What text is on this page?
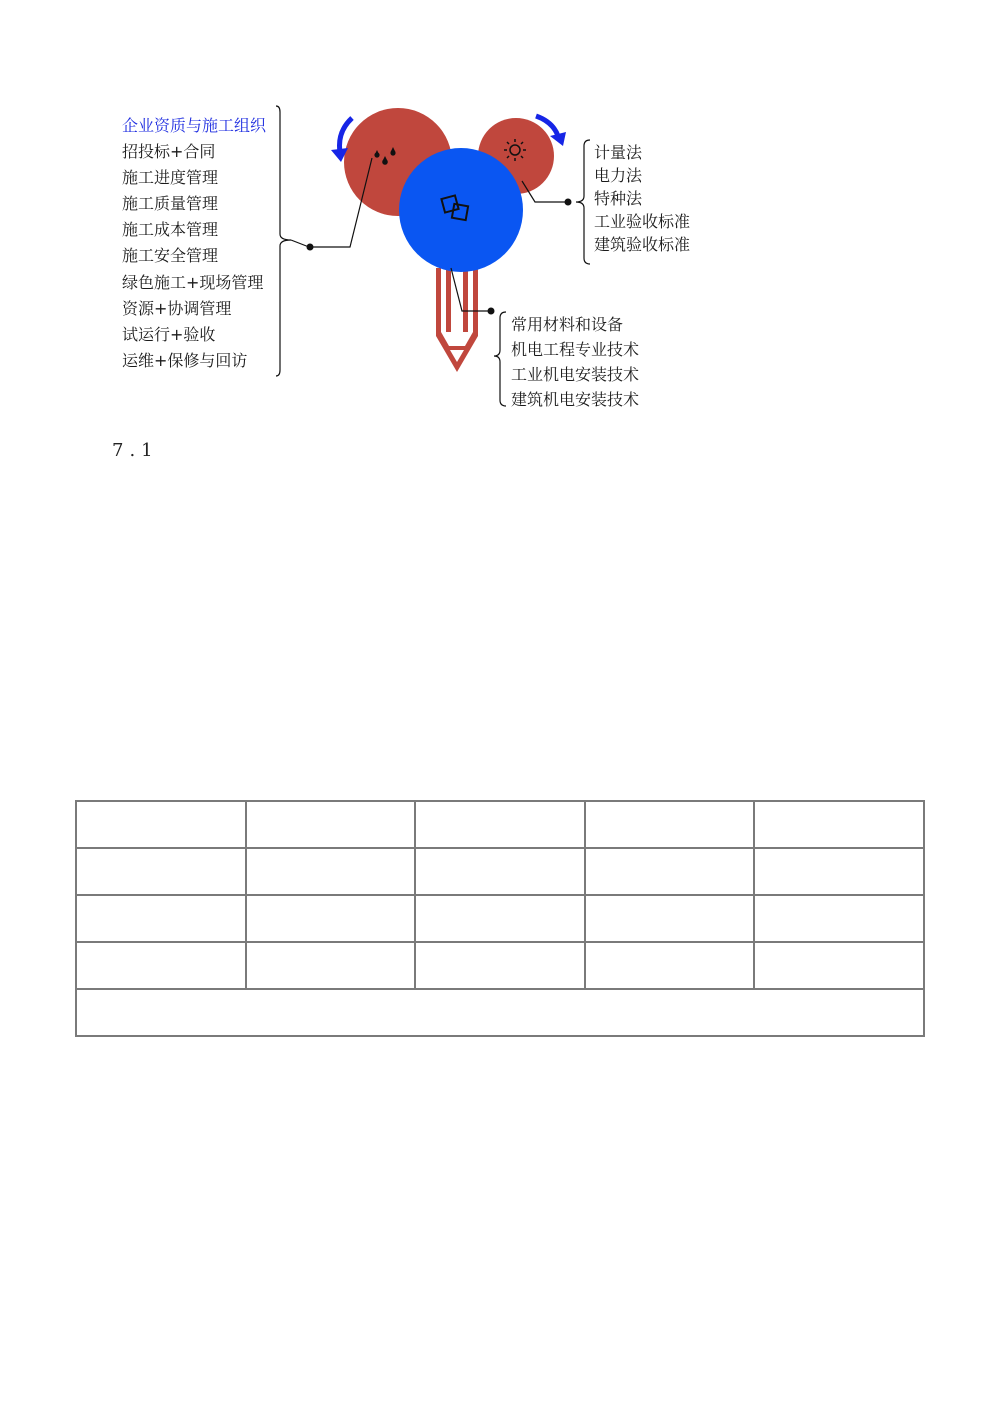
企业资质与施工组织
招投标+合同
施工进度管理
施工质量管理
施工成本管理
施工安全管理
绿色施工+现场管理
资源+协调管理
试运行+验收
运维+保修与回访
计量法
电力法
特种法
工业验收标准
建筑验收标准
常用材料和设备
机电工程专业技术
工业机电安装技术
建筑机电安装技术
7.1
